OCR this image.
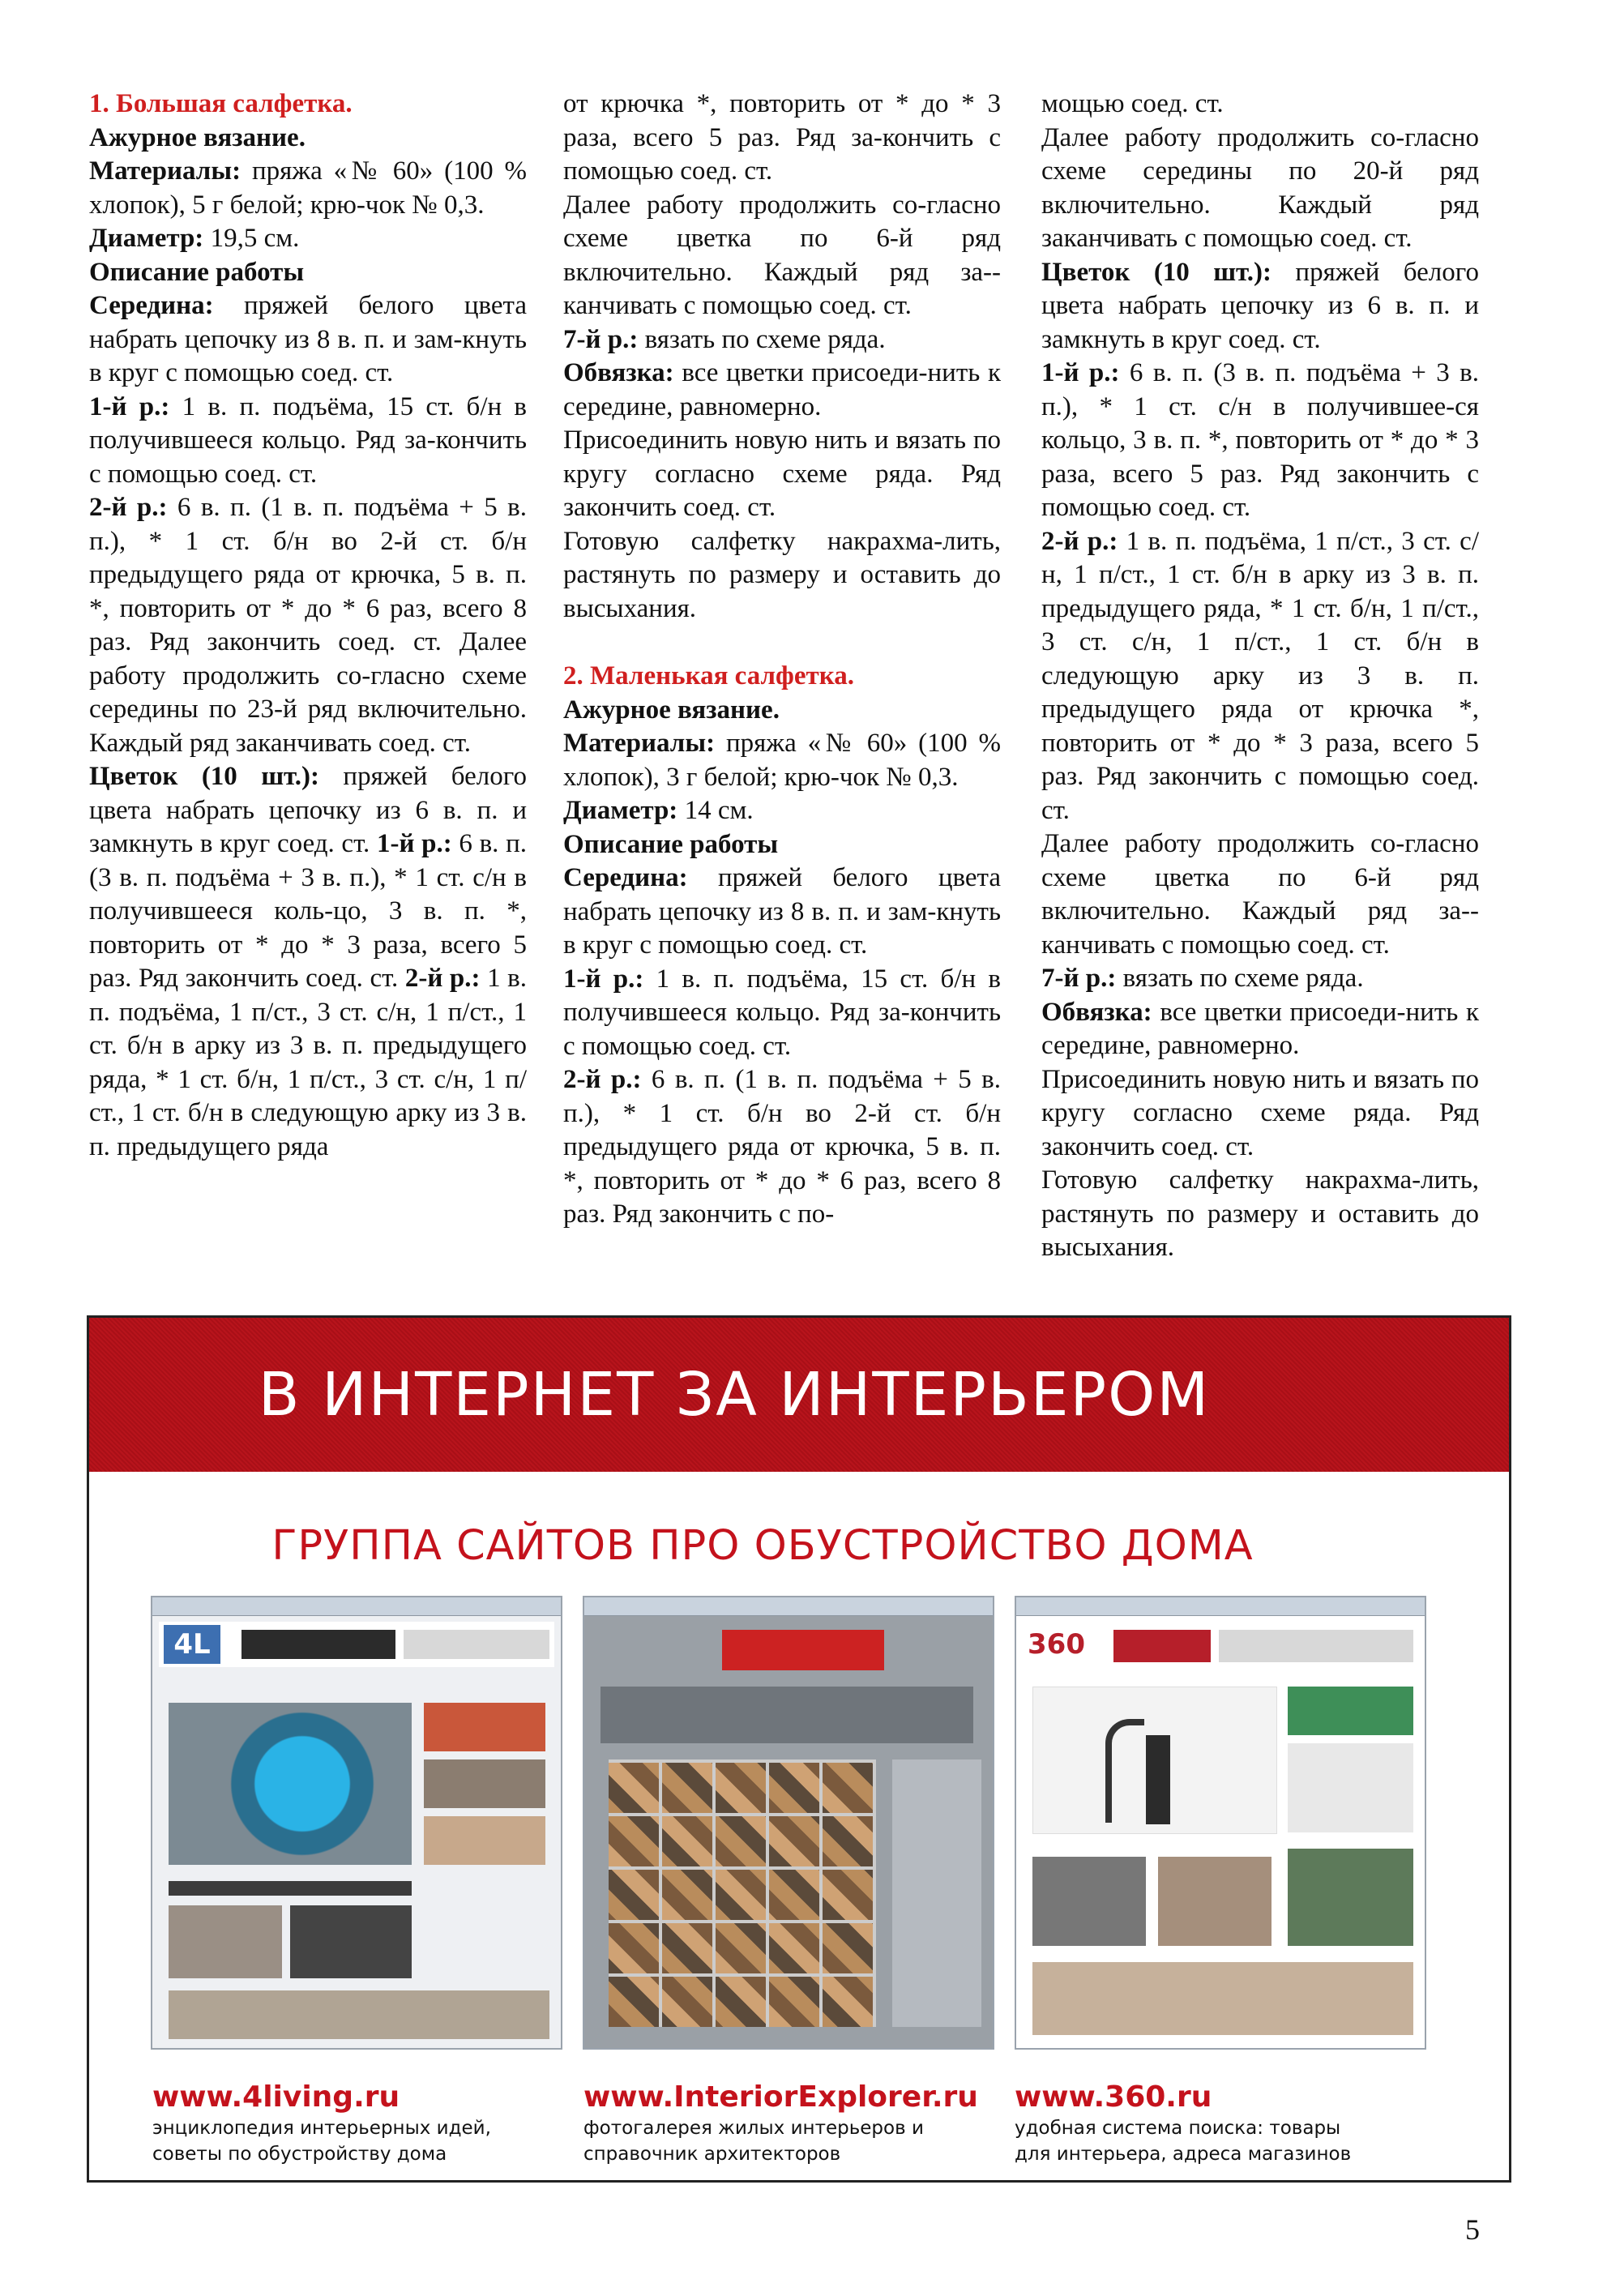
1. Большая салфетка.

Ажурное вязание.

Материалы: пряжа «№ 60» (100 % хлопок), 5 г белой; крю-чок № 0,3.

Диаметр: 19,5 см.

Описание работы

Середина: пряжей белого цвета набрать цепочку из 8 в. п. и зам-кнуть в круг с помощью соед. ст.

1-й р.: 1 в. п. подъёма, 15 ст. б/н в получившееся кольцо. Ряд за-кончить с помощью соед. ст.

2-й р.: 6 в. п. (1 в. п. подъёма + 5 в. п.), * 1 ст. б/н во 2-й ст. б/н предыдущего ряда от крючка, 5 в. п. *, повторить от * до * 6 раз, всего 8 раз. Ряд закончить соед. ст. Далее работу продолжить со-гласно схеме середины по 23-й ряд включительно. Каждый ряд заканчивать соед. ст.

Цветок (10 шт.): пряжей белого цвета набрать цепочку из 6 в. п. и замкнуть в круг соед. ст. 1-й р.: 6 в. п. (3 в. п. подъёма + 3 в. п.), * 1 ст. с/н в получившееся коль-цо, 3 в. п. *, повторить от * до * 3 раза, всего 5 раз. Ряд закончить соед. ст. 2-й р.: 1 в. п. подъёма, 1 п/ст., 3 ст. с/н, 1 п/ст., 1 ст. б/н в арку из 3 в. п. предыдущего ряда, * 1 ст. б/н, 1 п/ст., 3 ст. с/н, 1 п/ст., 1 ст. б/н в следующую арку из 3 в. п. предыдущего ряда

от крючка *, повторить от * до * 3 раза, всего 5 раз. Ряд за-кончить с помощью соед. ст.

Далее работу продолжить со-гласно схеме цветка по 6-й ряд включительно. Каждый ряд за-канчивать с помощью соед. ст.

7-й р.: вязать по схеме ряда.

Обвязка: все цветки присоеди-нить к середине, равномерно.

Присоединить новую нить и вязать по кругу согласно схеме ряда. Ряд закончить соед. ст.

Готовую салфетку накрахма-лить, растянуть по размеру и оставить до высыхания.

2. Маленькая салфетка.

Ажурное вязание.

Материалы: пряжа «№ 60» (100 % хлопок), 3 г белой; крю-чок № 0,3.

Диаметр: 14 см.

Описание работы

Середина: пряжей белого цвета набрать цепочку из 8 в. п. и зам-кнуть в круг с помощью соед. ст.

1-й р.: 1 в. п. подъёма, 15 ст. б/н в получившееся кольцо. Ряд за-кончить с помощью соед. ст.

2-й р.: 6 в. п. (1 в. п. подъёма + 5 в. п.), * 1 ст. б/н во 2-й ст. б/н предыдущего ряда от крючка, 5 в. п. *, повторить от * до * 6 раз, всего 8 раз. Ряд закончить с по-

мощью соед. ст.

Далее работу продолжить со-гласно схеме середины по 20-й ряд включительно. Каждый ряд заканчивать с помощью соед. ст.

Цветок (10 шт.): пряжей белого цвета набрать цепочку из 6 в. п. и замкнуть в круг соед. ст.

1-й р.: 6 в. п. (3 в. п. подъёма + 3 в. п.), * 1 ст. с/н в получившее-ся кольцо, 3 в. п. *, повторить от * до * 3 раза, всего 5 раз. Ряд закончить с помощью соед. ст.

2-й р.: 1 в. п. подъёма, 1 п/ст., 3 ст. с/н, 1 п/ст., 1 ст. б/н в арку из 3 в. п. предыдущего ряда, * 1 ст. б/н, 1 п/ст., 3 ст. с/н, 1 п/ст., 1 ст. б/н в следующую арку из 3 в. п. предыдущего ряда от крючка *, повторить от * до * 3 раза, всего 5 раз. Ряд закончить с помощью соед. ст.

Далее работу продолжить со-гласно схеме цветка по 6-й ряд включительно. Каждый ряд за-канчивать с помощью соед. ст.

7-й р.: вязать по схеме ряда.

Обвязка: все цветки присоеди-нить к середине, равномерно.

Присоединить новую нить и вязать по кругу согласно схеме ряда. Ряд закончить соед. ст.

Готовую салфетку накрахма-лить, растянуть по размеру и оставить до высыхания.

В ИНТЕРНЕТ ЗА ИНТЕРЬЕРОМ
ГРУППА САЙТОВ ПРО ОБУСТРОЙСТВО ДОМА
4L	360
www.4living.ru
энциклопедия интерьерных идей,
советы по обустройству дома
www.InteriorExplorer.ru
фотогалерея жилых интерьеров и
справочник архитекторов
www.360.ru
удобная система поиска: товары
для интерьера, адреса магазинов
5
